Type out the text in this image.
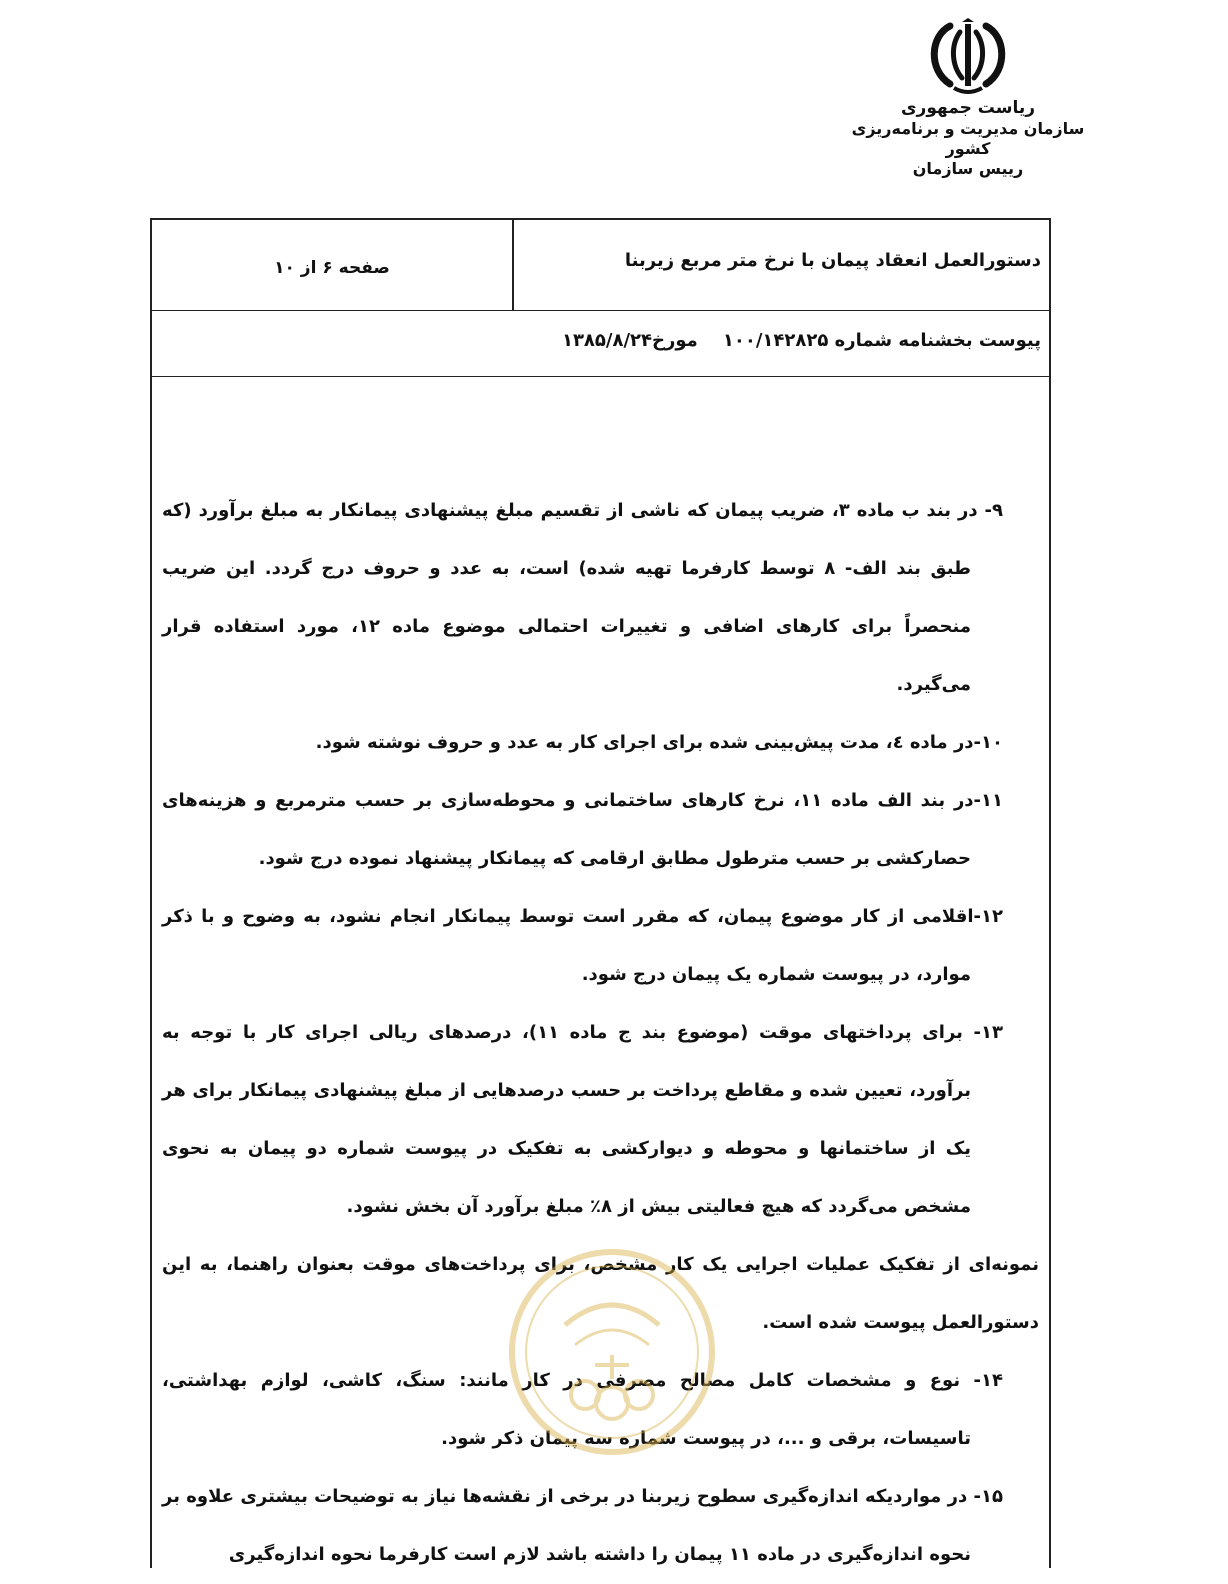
ریاست جمهوری
سازمان مدیریت و برنامه‌ریزی کشور
رییس سازمان
دستورالعمل انعقاد پیمان با نرخ متر مربع زیربنا
صفحه ۶ از ۱۰
پیوست بخشنامه شماره ۱۰۰/۱۴۲۸۲۵    مورخ۱۳۸۵/۸/۲۴
۹- در بند ب ماده ۳، ضریب پیمان که ناشی از تقسیم مبلغ پیشنهادی پیمانکار به مبلغ برآورد (که طبق بند الف- ۸ توسط کارفرما تهیه شده) است، به عدد و حروف درج گردد. این ضریب منحصراً برای کارهای اضافی و تغییرات احتمالی موضوع ماده ۱۲، مورد استفاده قرار می‌گیرد.
۱۰-در ماده ٤، مدت پیش‌بینی شده برای اجرای کار به عدد و حروف نوشته شود.
۱۱-در بند الف ماده ۱۱، نرخ کارهای ساختمانی و محوطه‌سازی بر حسب مترمربع و هزینه‌های حصارکشی بر حسب مترطول مطابق ارقامی که پیمانکار پیشنهاد نموده درج شود.
۱۲-اقلامی از کار موضوع پیمان، که مقرر است توسط پیمانکار انجام نشود، به وضوح و با ذکر موارد، در پیوست شماره یک پیمان درج شود.
۱۳- برای پرداختهای موقت (موضوع بند ج ماده ۱۱)، درصدهای ریالی اجرای کار با توجه به برآورد، تعیین شده و مقاطع پرداخت بر حسب درصدهایی از مبلغ پیشنهادی پیمانکار برای هر یک از ساختمانها و محوطه و دیوارکشی به تفکیک در پیوست شماره دو پیمان به نحوی مشخص می‌گردد که هیچ فعالیتی بیش از ۸٪ مبلغ برآورد آن بخش نشود.
نمونه‌ای از تفکیک عملیات اجرایی یک کار مشخص، برای پرداخت‌های موقت بعنوان راهنما، به این دستورالعمل پیوست شده است.
۱۴- نوع و مشخصات کامل مصالح مصرفی در کار مانند: سنگ، کاشی، لوازم بهداشتی، تاسیسات، برقی و ...، در پیوست شماره سه پیمان ذکر شود.
۱۵- در مواردیکه اندازه‌گیری سطوح زیربنا در برخی از نقشه‌ها نیاز به توضیحات بیشتری علاوه بر نحوه اندازه‌گیری در ماده ۱۱ پیمان را داشته باشد لازم است کارفرما نحوه اندازه‌گیری
